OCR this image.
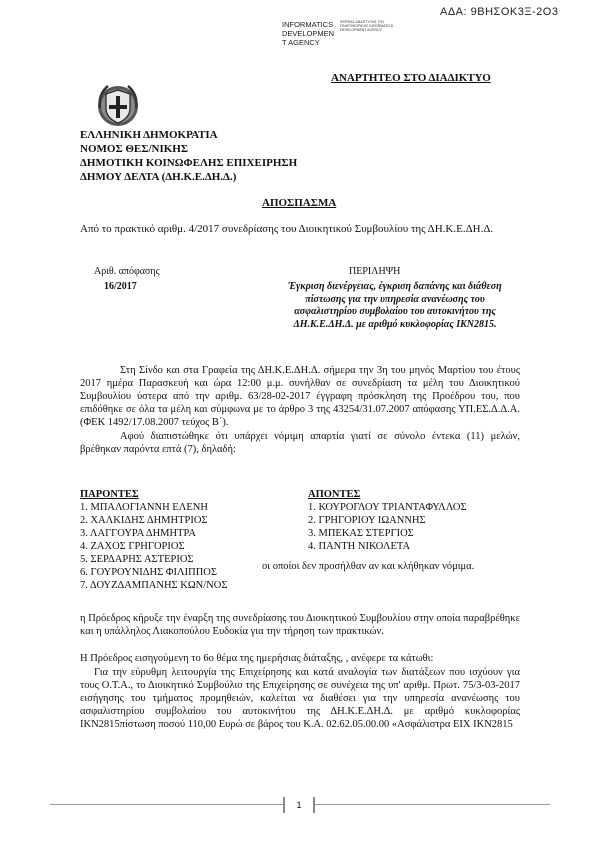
ΑΔΑ: 9ΒΗΣΟΚ3Ξ-2Ο3
INFORMATICS
DEVELOPMEN
T AGENCY
ΦΟΡΕΑΣ ΑΝΑΠΤΥΞΗΣ ΤΗΣ ΠΛΗΡΟΦΟΡΙΚΗΣ INFORMATICS DEVELOPMENT AGENCY
ΑΝΑΡΤΗΤΕΟ ΣΤΟ ΔΙΑΔΙΚΤΥΟ
ΕΛΛΗΝΙΚΗ ΔΗΜΟΚΡΑΤΙΑ
ΝΟΜΟΣ ΘΕΣ/ΝΙΚΗΣ
ΔΗΜΟΤΙΚΗ ΚΟΙΝΩΦΕΛΗΣ ΕΠΙΧΕΙΡΗΣΗ
ΔΗΜΟΥ ΔΕΛΤΑ (ΔΗ.Κ.Ε.ΔΗ.Δ.)
ΑΠΟΣΠΑΣΜΑ
Από το πρακτικό αριθμ. 4/2017 συνεδρίασης του Διοικητικού Συμβουλίου της ΔΗ.Κ.Ε.ΔΗ.Δ.
Αριθ. απόφασης
16/2017
ΠΕΡΙΛΗΨΗ
Έγκριση διενέργειας, έγκριση δαπάνης και διάθεση πίστωσης για την υπηρεσία ανανέωσης του ασφαλιστηρίου συμβολαίου του αυτοκινήτου της ΔΗ.Κ.Ε.ΔΗ.Δ. με αριθμό κυκλοφορίας ΙΚΝ2815.
Στη Σίνδο και στα Γραφεία της ΔΗ.Κ.Ε.ΔΗ.Δ. σήμερα την 3η του μηνός Μαρτίου του έτους 2017 ημέρα Παρασκευή και ώρα 12:00 μ.μ. συνήλθαν σε συνεδρίαση τα μέλη του Διοικητικού Συμβουλίου ύστερα από την αριθμ. 63/28-02-2017 έγγραφη πρόσκληση της Προέδρου του, που επιδόθηκε σε όλα τα μέλη και σύμφωνα με το άρθρο 3 της 43254/31.07.2007 απόφασης ΥΠ.ΕΣ.Δ.Δ.Α. (ΦΕΚ 1492/17.08.2007 τεύχος Β΄).
Αφού διαπιστώθηκε ότι υπάρχει νόμιμη απαρτία γιατί σε σύνολο έντεκα (11) μελών, βρέθηκαν παρόντα επτά (7), δηλαδή:
ΠΑΡΟΝΤΕΣ
1. ΜΠΑΛΟΓΙΑΝΝΗ ΕΛΕΝΗ
2. ΧΑΛΚΙΔΗΣ ΔΗΜΗΤΡΙΟΣ
3. ΛΑΓΓΟΥΡΑ ΔΗΜΗΤΡΑ
4. ΖΑΧΟΣ ΓΡΗΓΟΡΙΟΣ
5. ΣΕΡΔΑΡΗΣ ΑΣΤΕΡΙΟΣ
6. ΓΟΥΡΟΥΝΙΔΗΣ ΦΙΛΙΠΠΟΣ
7. ΔΟΥΖΔΑΜΠΑΝΗΣ ΚΩΝ/ΝΟΣ
ΑΠΟΝΤΕΣ
1. ΚΟΥΡΟΓΛΟΥ ΤΡΙΑΝΤΑΦΥΛΛΟΣ
2. ΓΡΗΓΟΡΙΟΥ ΙΩΑΝΝΗΣ
3. ΜΠΕΚΑΣ ΣΤΕΡΓΙΟΣ
4. ΠΑΝΤΗ ΝΙΚΟΛΕΤΑ
οι οποίοι δεν προσήλθαν αν και κλήθηκαν νόμιμα.
η Πρόεδρος κήρυξε την έναρξη της συνεδρίασης του Διοικητικού Συμβουλίου στην οποία παραβρέθηκε και η υπάλληλος Λιακοπούλου Ευδοκία για την τήρηση των πρακτικών.
Η Πρόεδρος εισηγούμενη το 6ο θέμα της ημερήσιας διάταξης, , ανέφερε τα κάτωθι:
Για την εύρυθμη λειτουργία της Επιχείρησης και κατά αναλογία των διατάξεων που ισχύουν για τους Ο.Τ.Α., το Διοικητικό Συμβούλιο της Επιχείρησης σε συνέχεια της υπ' αριθμ. Πρωτ. 75/3-03-2017 εισήγησης του τμήματος προμηθειών, καλείται να διαθέσει για την υπηρεσία ανανέωσης του ασφαλιστηρίου συμβολαίου του αυτοκινήτου της ΔΗ.Κ.Ε.ΔΗ.Δ. με αριθμό κυκλοφορίας ΙΚΝ2815πίστωση ποσού 110,00 Ευρώ σε βάρος του Κ.Α. 02.62.05.00.00 «Ασφάλιστρα ΕΙΧ ΙΚΝ2815
1
